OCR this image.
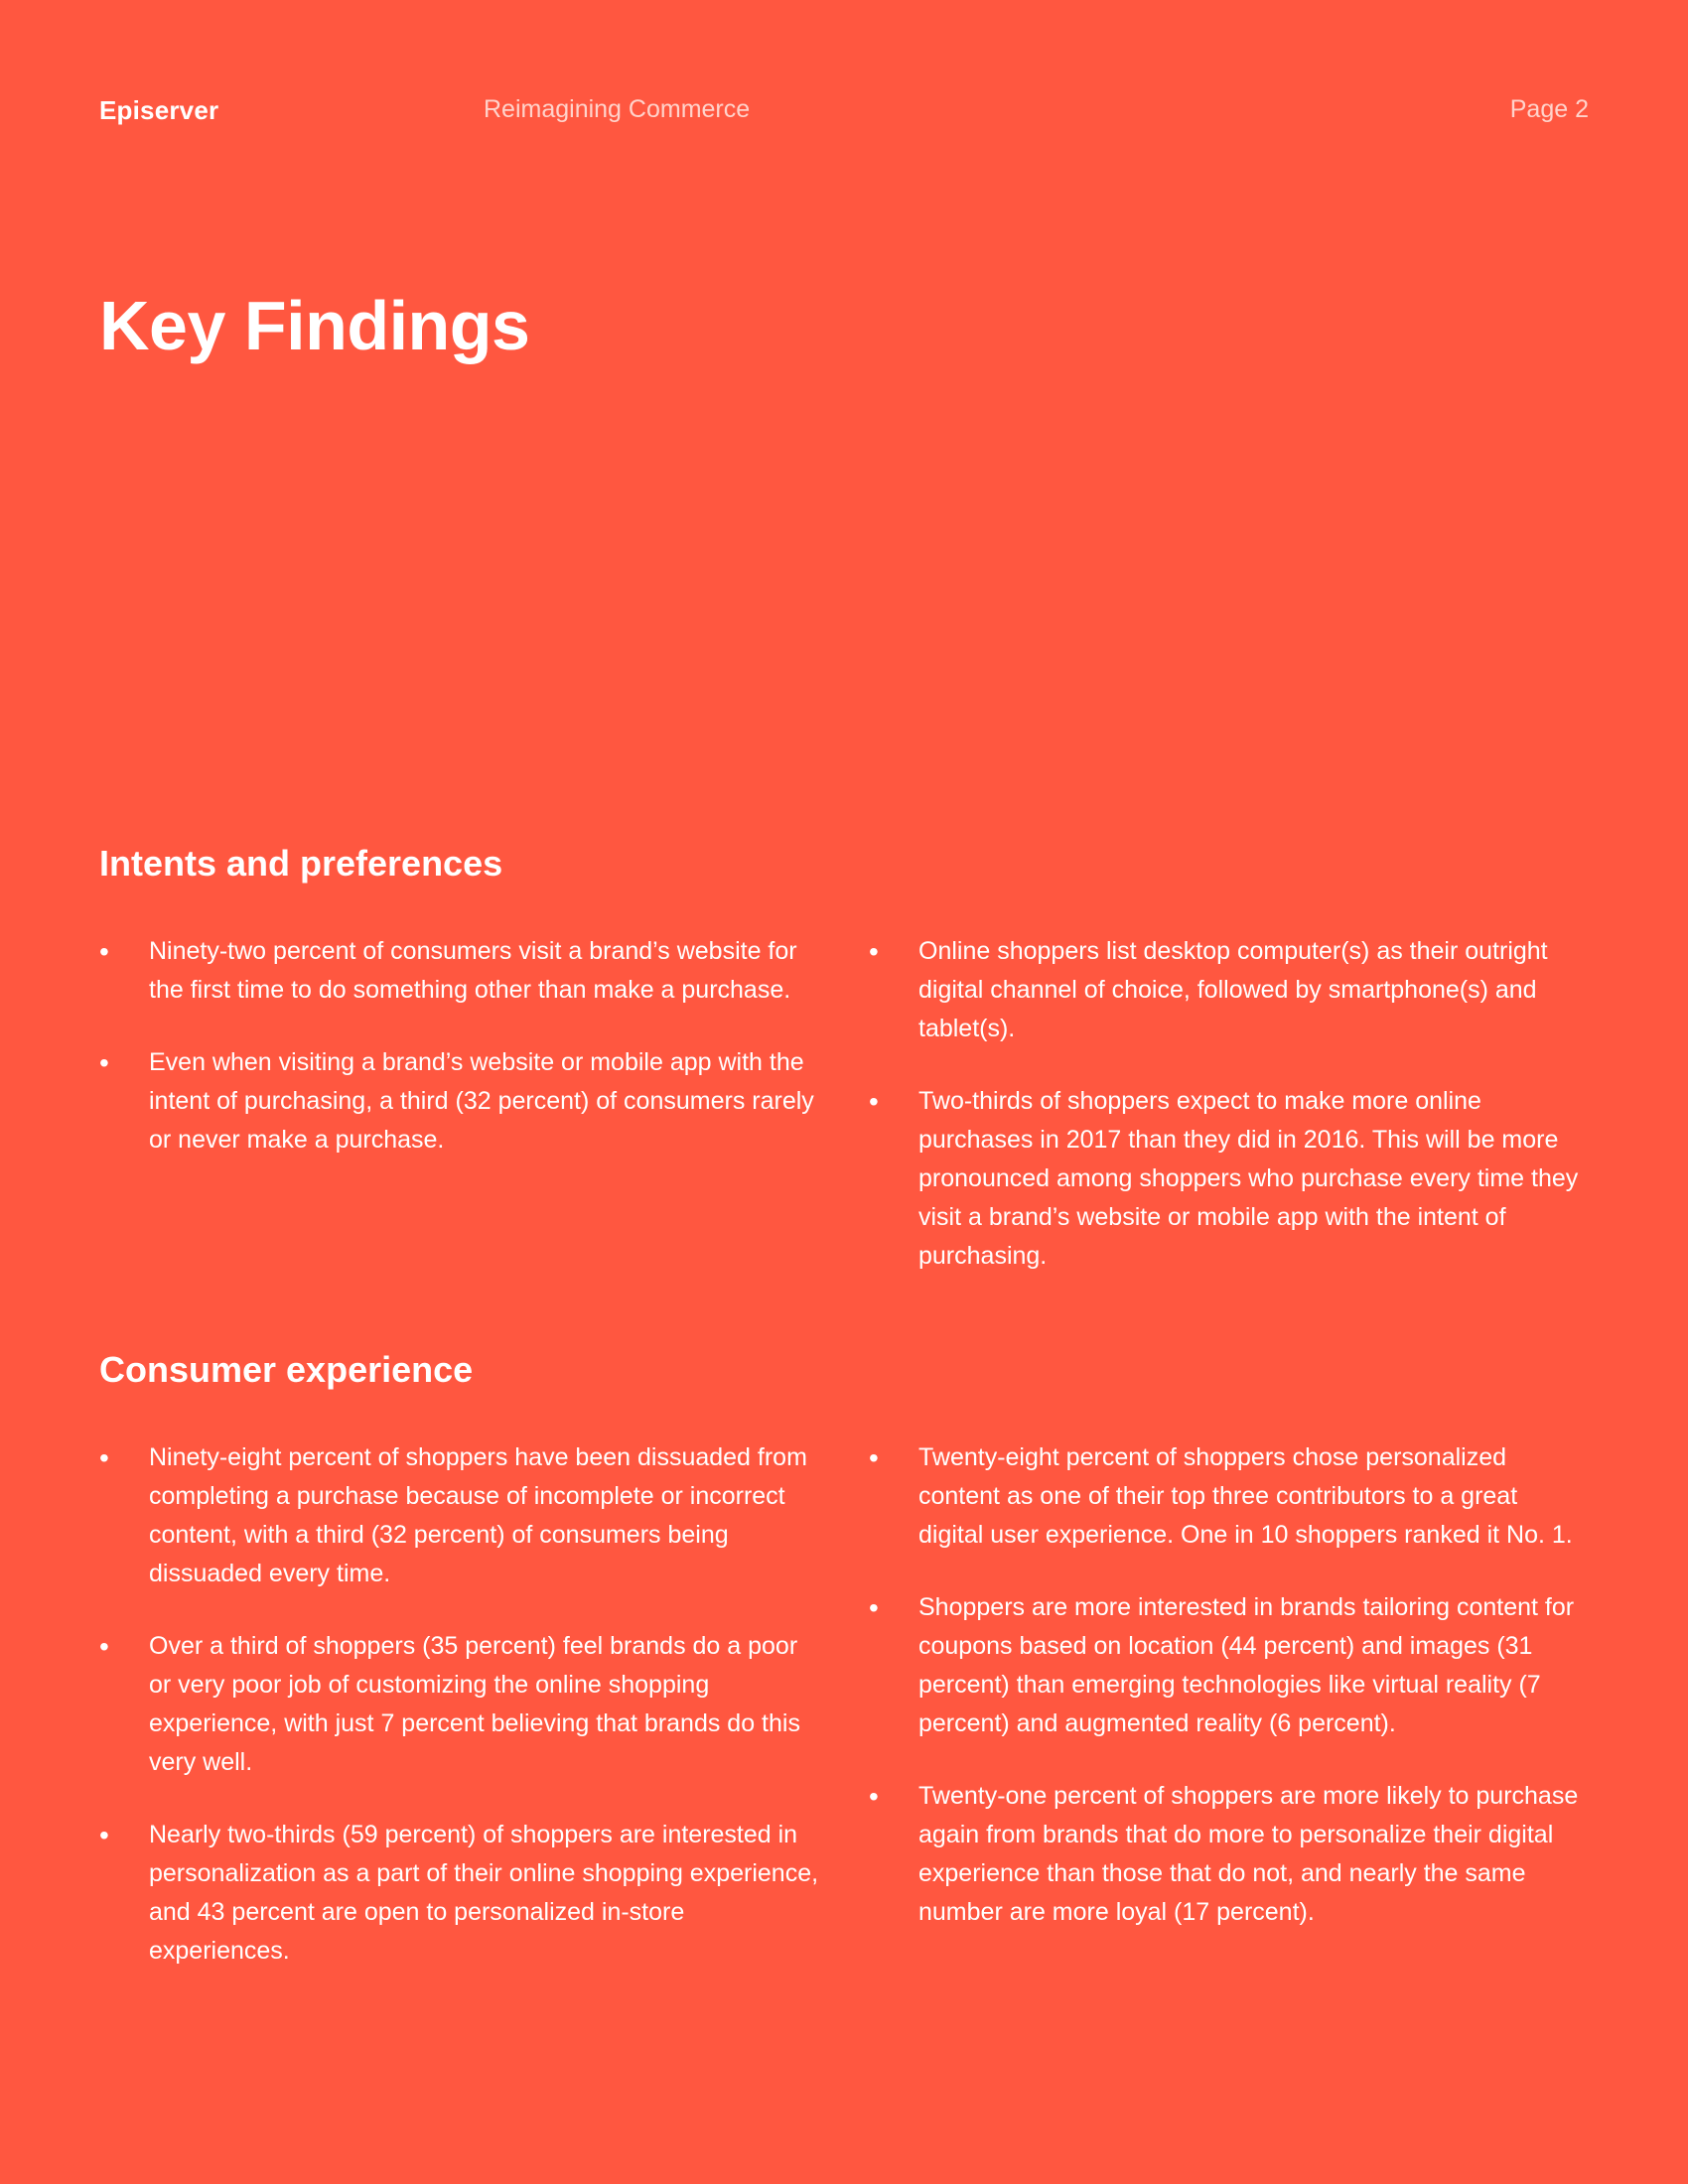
Episerver	Reimagining Commerce	Page 2
Key Findings
Intents and preferences
• Ninety-two percent of consumers visit a brand’s website for the first time to do something other than make a purchase.
• Even when visiting a brand’s website or mobile app with the intent of purchasing, a third (32 percent) of consumers rarely or never make a purchase.
• Online shoppers list desktop computer(s) as their outright digital channel of choice, followed by smartphone(s) and tablet(s).
• Two-thirds of shoppers expect to make more online purchases in 2017 than they did in 2016. This will be more pronounced among shoppers who purchase every time they visit a brand’s website or mobile app with the intent of purchasing.
Consumer experience
• Ninety-eight percent of shoppers have been dissuaded from completing a purchase because of incomplete or incorrect content, with a third (32 percent) of consumers being dissuaded every time.
• Over a third of shoppers (35 percent) feel brands do a poor or very poor job of customizing the online shopping experience, with just 7 percent believing that brands do this very well.
• Nearly two-thirds (59 percent) of shoppers are interested in personalization as a part of their online shopping experience, and 43 percent are open to personalized in-store experiences.
• Twenty-eight percent of shoppers chose personalized content as one of their top three contributors to a great digital user experience. One in 10 shoppers ranked it No. 1.
• Shoppers are more interested in brands tailoring content for coupons based on location (44 percent) and images (31 percent) than emerging technologies like virtual reality (7 percent) and augmented reality (6 percent).
• Twenty-one percent of shoppers are more likely to purchase again from brands that do more to personalize their digital experience than those that do not, and nearly the same number are more loyal (17 percent).
